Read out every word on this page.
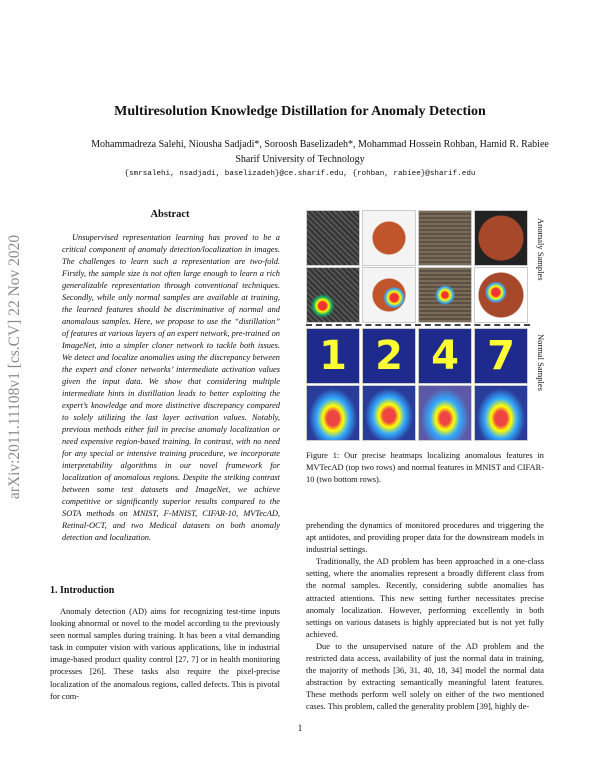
Multiresolution Knowledge Distillation for Anomaly Detection
Mohammadreza Salehi, Niousha Sadjadi*, Soroosh Baselizadeh*, Mohammad Hossein Rohban, Hamid R. Rabiee
Sharif University of Technology
{smrsalehi, nsadjadi, baselizadeh}@ce.sharif.edu, {rohban, rabiee}@sharif.edu
arXiv:2011.11108v1 [cs.CV] 22 Nov 2020
Abstract
Unsupervised representation learning has proved to be a critical component of anomaly detection/localization in images. The challenges to learn such a representation are two-fold. Firstly, the sample size is not often large enough to learn a rich generalizable representation through conventional techniques. Secondly, while only normal samples are available at training, the learned features should be discriminative of normal and anomalous samples. Here, we propose to use the “distillation” of features at various layers of an expert network, pre-trained on ImageNet, into a simpler cloner network to tackle both issues. We detect and localize anomalies using the discrepancy between the expert and cloner networks’ intermediate activation values given the input data. We show that considering multiple intermediate hints in distillation leads to better exploiting the expert’s knowledge and more distinctive discrepancy compared to solely utilizing the last layer activation values. Notably, previous methods either fail in precise anomaly localization or need expensive region-based training. In contrast, with no need for any special or intensive training procedure, we incorporate interpretability algorithms in our novel framework for localization of anomalous regions. Despite the striking contrast between some test datasets and ImageNet, we achieve competitive or significantly superior results compared to the SOTA methods on MNIST, F-MNIST, CIFAR-10, MVTecAD, Retinal-OCT, and two Medical datasets on both anomaly detection and localization.
1. Introduction
Anomaly detection (AD) aims for recognizing test-time inputs looking abnormal or novel to the model according to the previously seen normal samples during training. It has been a vital demanding task in computer vision with various applications, like in industrial image-based product quality control [27, 7] or in health monitoring processes [26]. These tasks also require the pixel-precise localization of the anomalous regions, called defects. This is pivotal for com-
1 2 4 7
Anomaly Samples
Normal Samples
Figure 1: Our precise heatmaps localizing anomalous features in MVTecAD (top two rows) and normal features in MNIST and CIFAR-10 (two bottom rows).

prehending the dynamics of monitored procedures and triggering the apt antidotes, and providing proper data for the downstream models in industrial settings.

Traditionally, the AD problem has been approached in a one-class setting, where the anomalies represent a broadly different class from the normal samples. Recently, considering subtle anomalies has attracted attentions. This new setting further necessitates precise anomaly localization. However, performing excellently in both settings on various datasets is highly appreciated but is not yet fully achieved.

Due to the unsupervised nature of the AD problem and the restricted data access, availability of just the normal data in training, the majority of methods [36, 31, 40, 18, 34] model the normal data abstraction by extracting semantically meaningful latent features. These methods perform well solely on either of the two mentioned cases. This problem, called the generality problem [39], highly de-

1
